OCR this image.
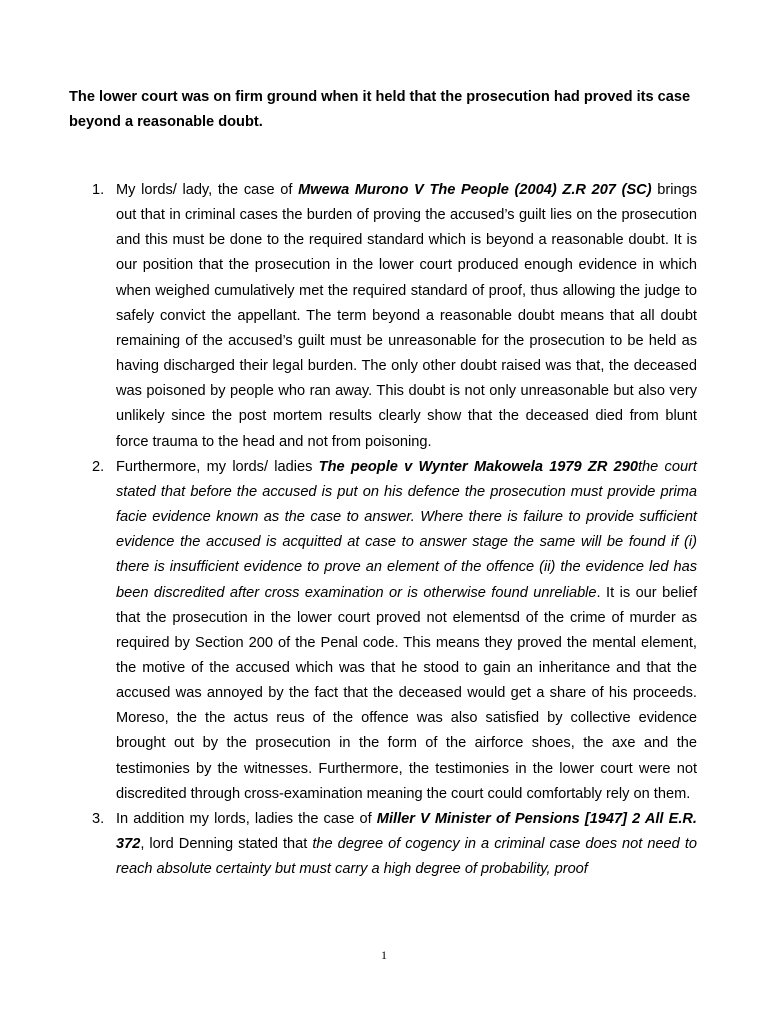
The lower court was on firm ground when it held that the prosecution had proved its case beyond a reasonable doubt.

1. My lords/ lady, the case of Mwewa Murono V The People (2004) Z.R 207 (SC) brings out that in criminal cases the burden of proving the accused’s guilt lies on the prosecution and this must be done to the required standard which is beyond a reasonable doubt. It is our position that the prosecution in the lower court produced enough evidence in which when weighed cumulatively met the required standard of proof, thus allowing the judge to safely convict the appellant. The term beyond a reasonable doubt means that all doubt remaining of the accused’s guilt must be unreasonable for the prosecution to be held as having discharged their legal burden. The only other doubt raised was that, the deceased was poisoned by people who ran away. This doubt is not only unreasonable but also very unlikely since the post mortem results clearly show that the deceased died from blunt force trauma to the head and not from poisoning.
2. Furthermore, my lords/ ladies The people v Wynter Makowela 1979 ZR 290the court stated that before the accused is put on his defence the prosecution must provide prima facie evidence known as the case to answer. Where there is failure to provide sufficient evidence the accused is acquitted at case to answer stage the same will be found if (i) there is insufficient evidence to prove an element of the offence (ii) the evidence led has been discredited after cross examination or is otherwise found unreliable. It is our belief that the prosecution in the lower court proved not elementsd of the crime of murder as required by Section 200 of the Penal code. This means they proved the mental element, the motive of the accused which was that he stood to gain an inheritance and that the accused was annoyed by the fact that the deceased would get a share of his proceeds. Moreso, the the actus reus of the offence was also satisfied by collective evidence brought out by the prosecution in the form of the airforce shoes, the axe and the testimonies by the witnesses. Furthermore, the testimonies in the lower court were not discredited through cross-examination meaning the court could comfortably rely on them.
3. In addition my lords, ladies the case of Miller V Minister of Pensions [1947] 2 All E.R. 372, lord Denning stated that the degree of cogency in a criminal case does not need to reach absolute certainty but must carry a high degree of probability, proof
1
